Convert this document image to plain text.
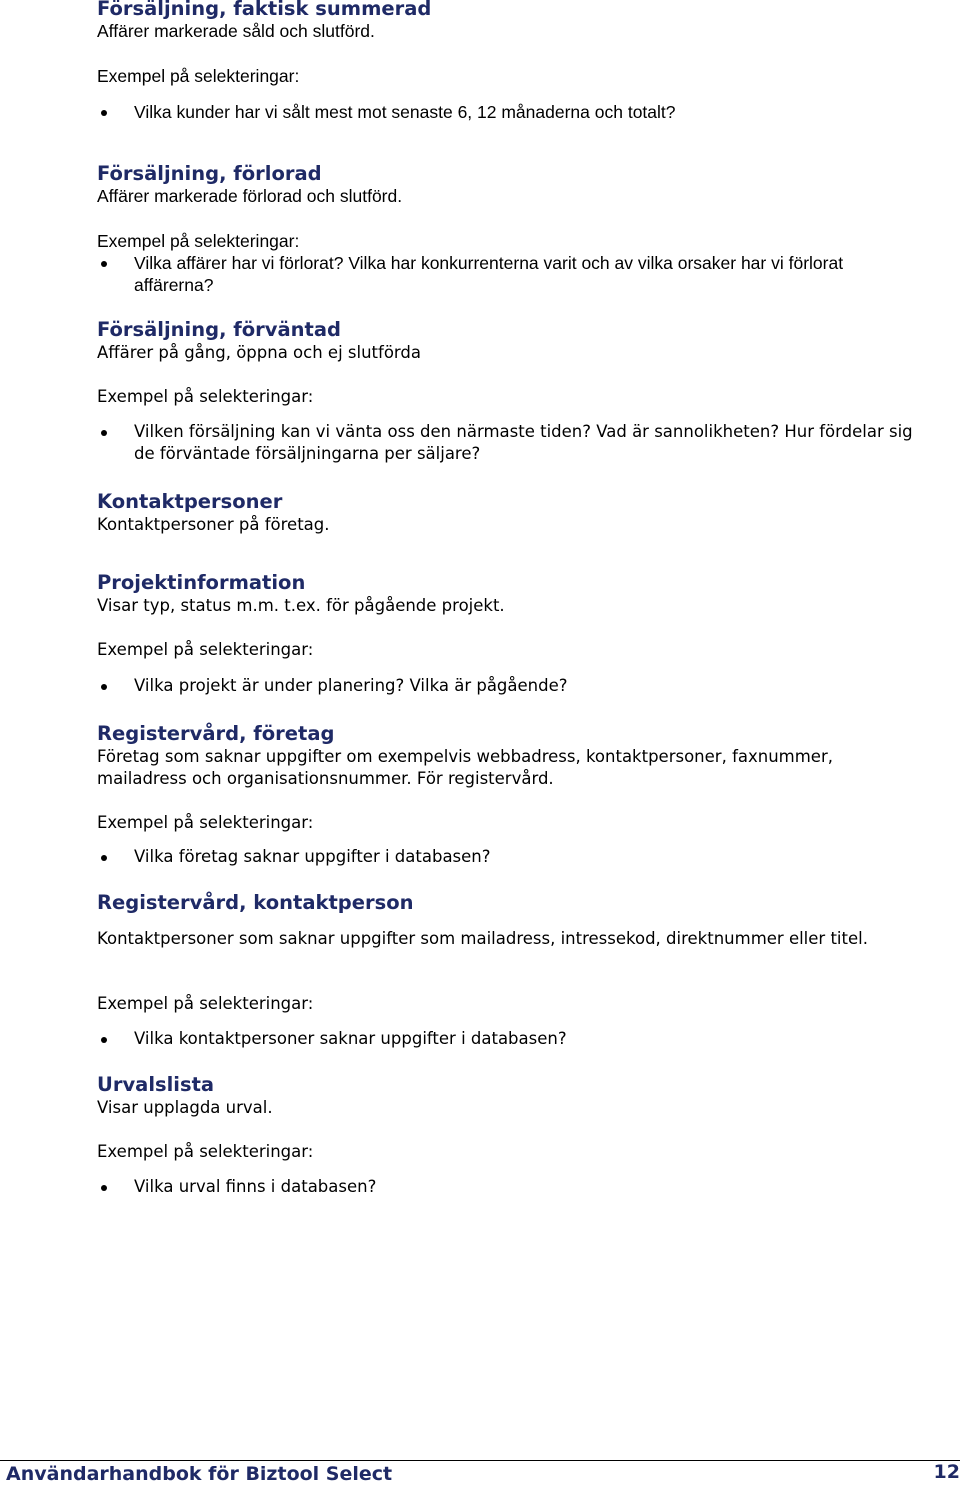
Försäljning, faktisk summerad
Affärer markerade såld och slutförd.
Exempel på selekteringar:
Vilka kunder har vi sålt mest mot senaste 6, 12 månaderna och totalt?
Försäljning, förlorad
Affärer markerade förlorad och slutförd.
Exempel på selekteringar:
Vilka affärer har vi förlorat? Vilka har konkurrenterna varit och av vilka orsaker har vi förlorat affärerna?
Försäljning, förväntad
Affärer på gång, öppna och ej slutförda
Exempel på selekteringar:
Vilken försäljning kan vi vänta oss den närmaste tiden? Vad är sannolikheten? Hur fördelar sig de förväntade försäljningarna per säljare?
Kontaktpersoner
Kontaktpersoner på företag.
Projektinformation
Visar typ, status m.m. t.ex. för pågående projekt.
Exempel på selekteringar:
Vilka projekt är under planering? Vilka är pågående?
Registervård, företag
Företag som saknar uppgifter om exempelvis webbadress, kontaktpersoner, faxnummer, mailadress och organisationsnummer. För registervård.
Exempel på selekteringar:
Vilka företag saknar uppgifter i databasen?
Registervård, kontaktperson
Kontaktpersoner som saknar uppgifter som mailadress, intressekod, direktnummer eller titel.
Exempel på selekteringar:
Vilka kontaktpersoner saknar uppgifter i databasen?
Urvalslista
Visar upplagda urval.
Exempel på selekteringar:
Vilka urval finns i databasen?
Användarhandbok för Biztool Select	12
